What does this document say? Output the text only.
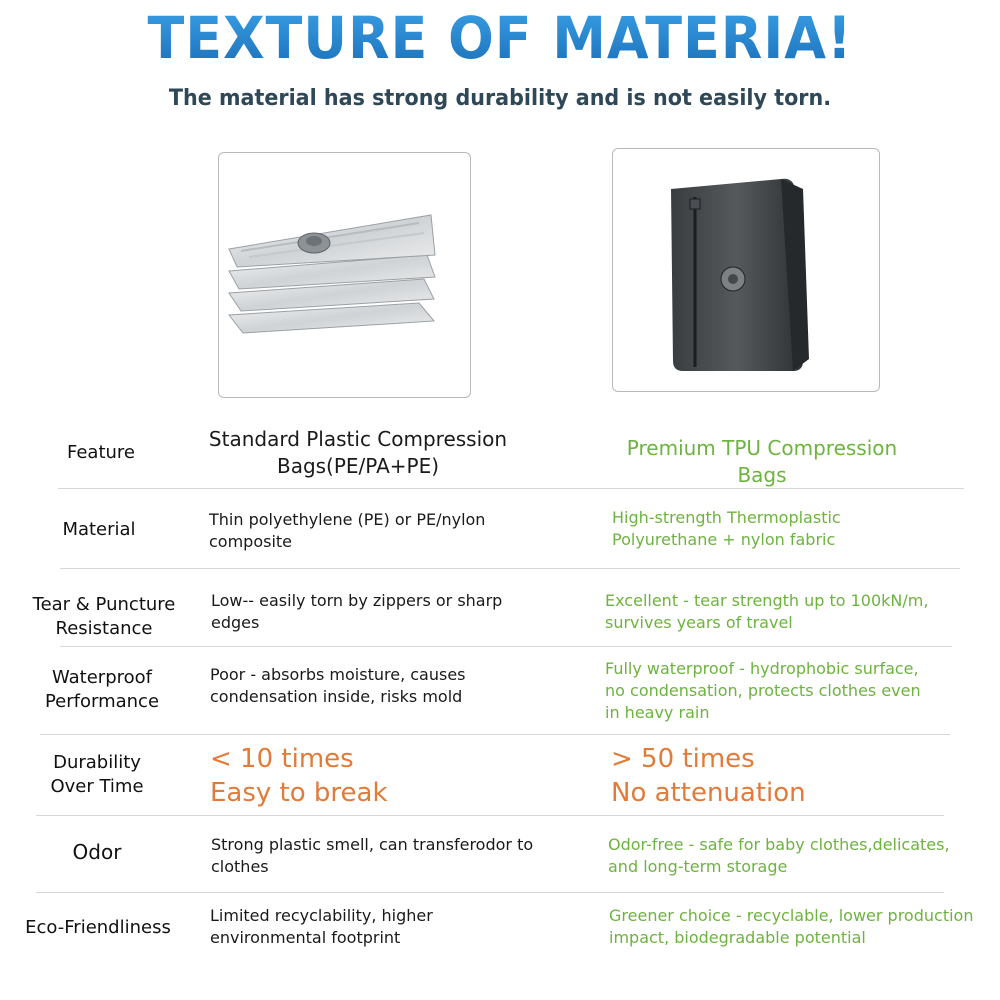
TEXTURE OF MATERIA!
The material has strong durability and is not easily torn.
Feature
Standard Plastic Compression Bags(PE/PA+PE)
Premium TPU Compression Bags
Material	Thin polyethylene (PE) or PE/nylon composite
High-strength Thermoplastic Polyurethane + nylon fabric
Tear & Puncture Resistance
Low-- easily torn by zippers or sharp edges
Excellent - tear strength up to 100kN/m, survives years of travel
Waterproof Performance
Poor - absorbs moisture, causes condensation inside, risks mold
Fully waterproof - hydrophobic surface, no condensation, protects clothes even in heavy rain
Durability Over Time
< 10 times
Easy to break
> 50 times
No attenuation
Odor	Strong plastic smell, can transferodor to clothes
Odor-free - safe for baby clothes,delicates, and long-term storage
Eco-Friendliness
Limited recyclability, higher environmental footprint
Greener choice - recyclable, lower production impact, biodegradable potential
